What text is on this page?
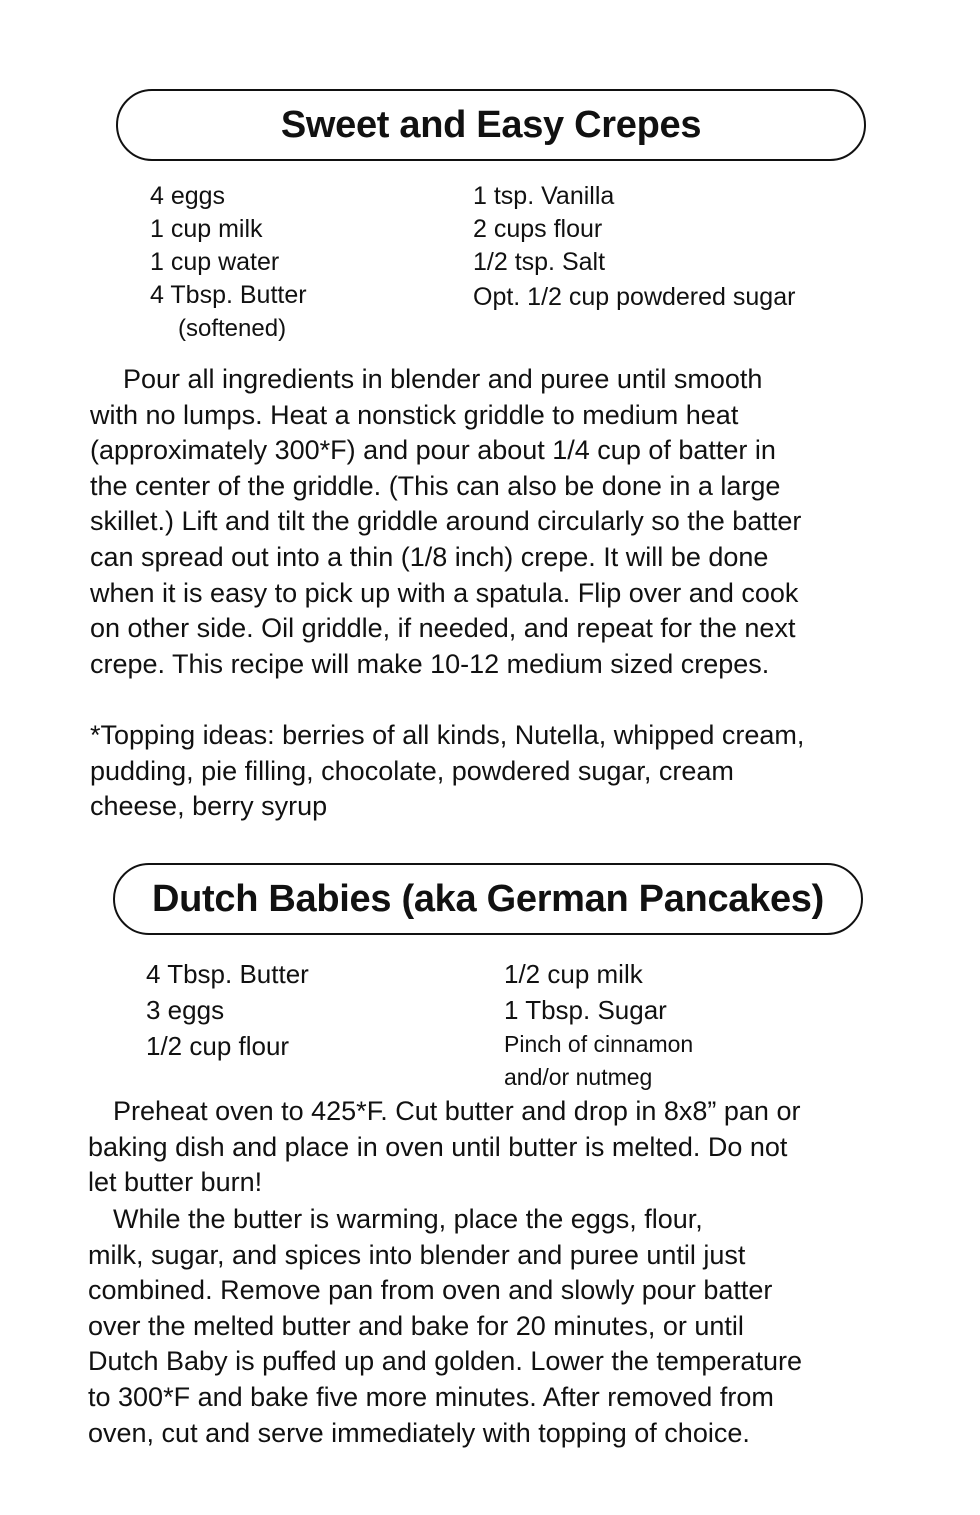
Sweet and Easy Crepes
4 eggs
1 cup milk
1 cup water
4 Tbsp. Butter
(softened)
1 tsp. Vanilla
2 cups flour
1/2 tsp. Salt
Opt. 1/2 cup powdered sugar

Pour all ingredients in blender and puree until smooth
with no lumps. Heat a nonstick griddle to medium heat
(approximately 300*F) and pour about 1/4 cup of batter in
the center of the griddle. (This can also be done in a large
skillet.) Lift and tilt the griddle around circularly so the batter
can spread out into a thin (1/8 inch) crepe. It will be done
when it is easy to pick up with a spatula. Flip over and cook
on other side. Oil griddle, if needed, and repeat for the next
crepe. This recipe will make 10-12 medium sized crepes.

*Topping ideas: berries of all kinds, Nutella, whipped cream,
pudding, pie filling, chocolate, powdered sugar, cream
cheese, berry syrup

Dutch Babies (aka German Pancakes)
4 Tbsp. Butter
3 eggs
1/2 cup flour
1/2 cup milk
1 Tbsp. Sugar
Pinch of cinnamon
and/or nutmeg

Preheat oven to 425*F. Cut butter and drop in 8x8” pan or
baking dish and place in oven until butter is melted. Do not
let butter burn!

While the butter is warming, place the eggs, flour,
milk, sugar, and spices into blender and puree until just
combined. Remove pan from oven and slowly pour batter
over the melted butter and bake for 20 minutes, or until
Dutch Baby is puffed up and golden. Lower the temperature
to 300*F and bake five more minutes. After removed from
oven, cut and serve immediately with topping of choice.
